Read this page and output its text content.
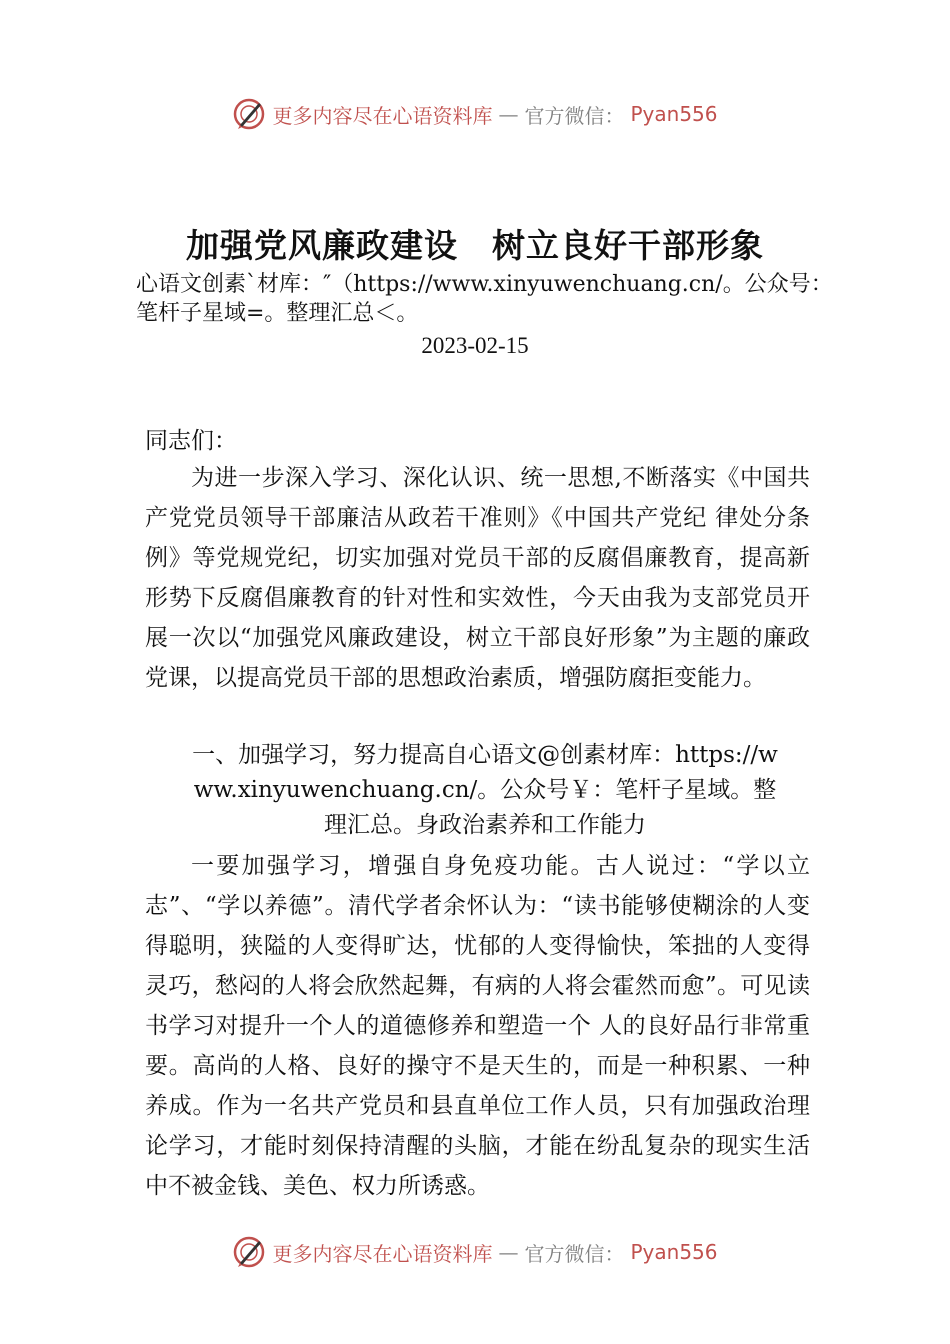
更多内容尽在心语资料库 — 官方微信： Pyan556
加强党风廉政建设　树立良好干部形象
心语文创素`材库：″（https://www.xinyuwenchuang.cn/。公众号：笔杆子星域=。整理汇总＜。
2023-02-15
同志们：
为进一步深入学习、深化认识、统一思想,不断落实《中国共产党党员领导干部廉洁从政若干准则》《中国共产党纪 律处分条例》等党规党纪，切实加强对党员干部的反腐倡廉教育，提高新形势下反腐倡廉教育的针对性和实效性，今天由我为支部党员开展一次以“加强党风廉政建设，树立干部良好形象”为主题的廉政党课，以提高党员干部的思想政治素质，增强防腐拒变能力。
一、加强学习，努力提高自心语文@创素材库：https://www.xinyuwenchuang.cn/。公众号￥：笔杆子星域。整理汇总。身政治素养和工作能力
一要加强学习，增强自身免疫功能。古人说过：“学以立志”、“学以养德”。清代学者余怀认为：“读书能够使糊涂的人变得聪明，狭隘的人变得旷达，忧郁的人变得愉快，笨拙的人变得灵巧，愁闷的人将会欣然起舞，有病的人将会霍然而愈”。可见读书学习对提升一个人的道德修养和塑造一个 人的良好品行非常重要。高尚的人格、良好的操守不是天生的，而是一种积累、一种养成。作为一名共产党员和县直单位工作人员，只有加强政治理论学习，才能时刻保持清醒的头脑，才能在纷乱复杂的现实生活中不被金钱、美色、权力所诱惑。
更多内容尽在心语资料库 — 官方微信： Pyan556
